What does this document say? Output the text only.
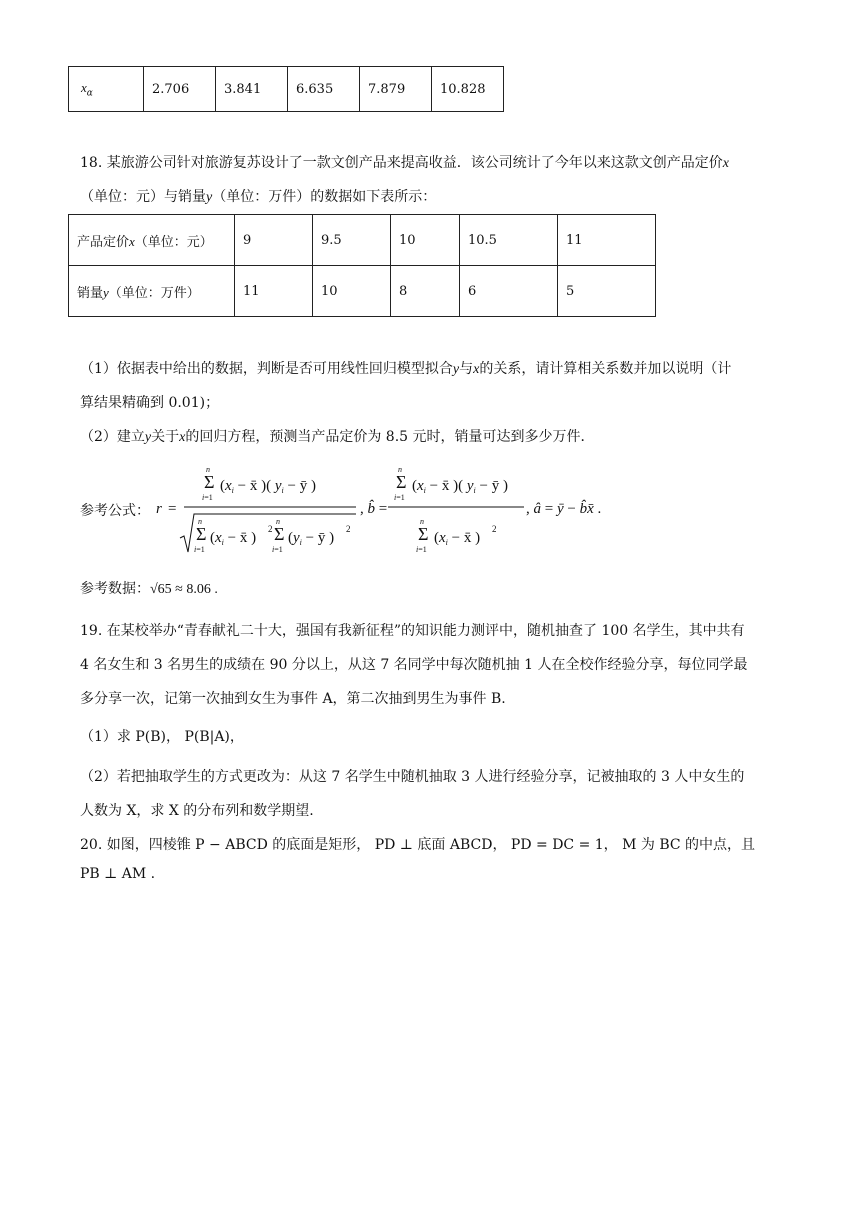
$x_\alpha$	2.706	3.841	6.635	7.879	10.828
18. 某旅游公司针对旅游复苏设计了一款文创产品来提高收益．该公司统计了今年以来这款文创产品定价x
（单位：元）与销量y（单位：万件）的数据如下表所示：
产品定价x（单位：元）	9	9.5	10	10.5	11
销量y（单位：万件）	11	10	8	6	5
（1）依据表中给出的数据，判断是否可用线性回归模型拟合y与x的关系，请计算相关系数并加以说明（计
算结果精确到 0.01)；
（2）建立y关于x的回归方程，预测当产品定价为 8.5 元时，销量可达到多少万件．
参考公式： r =
Σ
n
i=1
($x_i$ − x̄ )( $y_i$ − ȳ )
Σ
n
i=1
($x_i$ − x̄ )
2 Σ
n
i=1
($y_i$ − ȳ )
2
, b̂ =
Σ
n
i=1
($x_i$ − x̄ )( $y_i$ − ȳ )
Σ
n
i=1
($x_i$ − x̄ )
2
, â = ȳ − b̂x̄ .
参考数据：√65 ≈ 8.06 .
19. 在某校举办“青春献礼二十大，强国有我新征程”的知识能力测评中，随机抽查了 100 名学生，其中共有
4 名女生和 3 名男生的成绩在 90 分以上，从这 7 名同学中每次随机抽 1 人在全校作经验分享，每位同学最
多分享一次，记第一次抽到女生为事件 A，第二次抽到男生为事件 B.
（1）求 P(B)， P(B|A)，
（2）若把抽取学生的方式更改为：从这 7 名学生中随机抽取 3 人进行经验分享，记被抽取的 3 人中女生的
人数为 X，求 X 的分布列和数学期望.
20. 如图，四棱锥 P − ABCD 的底面是矩形， PD ⊥ 底面 ABCD， PD = DC = 1， M 为 BC 的中点，且
PB ⊥ AM .
